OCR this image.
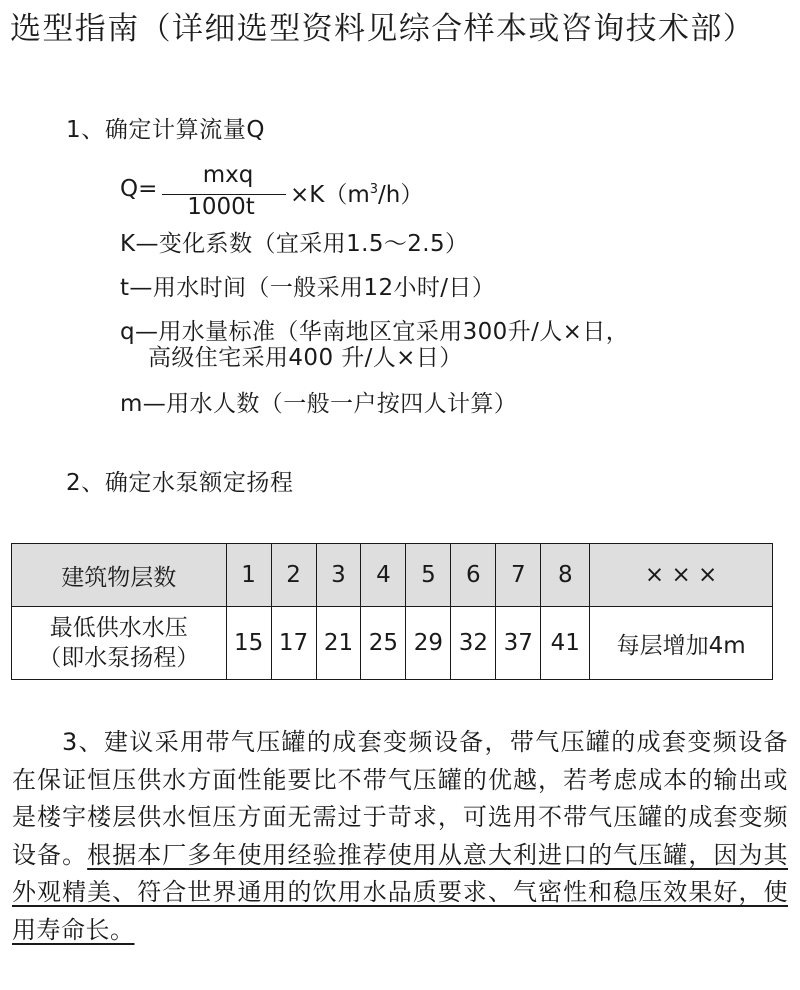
选型指南（详细选型资料见综合样本或咨询技术部）
1、确定计算流量Q
Q=
mxq
1000t	$\times K(m^3/h)$
K—变化系数（宜采用1.5～2.5）
t—用水时间（一般采用12小时/日）
q—用水量标准（华南地区宜采用300升/人×日，
高级住宅采用400 升/人×日）
m—用水人数（一般一户按四人计算）
2、确定水泵额定扬程
建筑物层数	1	2	3	4	5	6	7	8	× × ×

最低供水水压
（即水泵扬程）	15	17	21	25	29	32	37	41	每层增加4m
3、建议采用带气压罐的成套变频设备，带气压罐的成套变频设备在保证恒压供水方面性能要比不带气压罐的优越，若考虑成本的输出或是楼宇楼层供水恒压方面无需过于苛求，可选用不带气压罐的成套变频设备。根据本厂多年使用经验推荐使用从意大利进口的气压罐，因为其外观精美、符合世界通用的饮用水品质要求、气密性和稳压效果好，使用寿命长。
